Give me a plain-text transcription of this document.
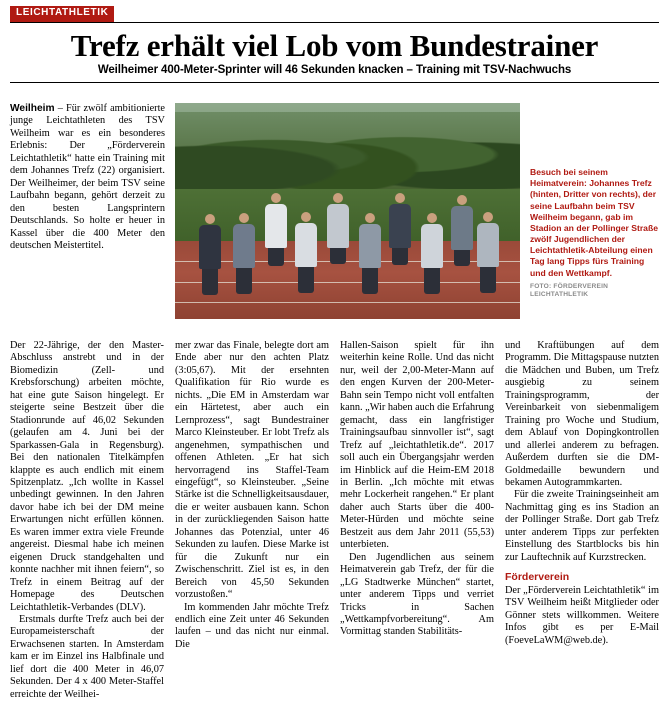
LEICHTATHLETIK
Trefz erhält viel Lob vom Bundestrainer
Weilheimer 400-Meter-Sprinter will 46 Sekunden knacken – Training mit TSV-Nachwuchs

Weilheim – Für zwölf ambitionierte junge Leichtathleten des TSV Weilheim war es ein besonderes Erlebnis: Der „Förderverein Leichtathletik“ hatte ein Training mit dem Johannes Trefz (22) organisiert. Der Weilheimer, der beim TSV seine Laufbahn begann, gehört derzeit zu den besten Langsprintern Deutschlands. So holte er heuer in Kassel über die 400 Meter den deutschen Meistertitel.

Besuch bei seinem Heimatverein: Johannes Trefz (hinten, Dritter von rechts), der seine Laufbahn beim TSV Weilheim begann, gab im Stadion an der Pollinger Straße zwölf Jugendlichen der Leichtathletik-Abteilung einen Tag lang Tipps fürs Training und den Wettkampf.
FOTO: FÖRDERVEREIN LEICHTATHLETIK

Der 22-Jährige, der den Master-Abschluss anstrebt und in der Biomedizin (Zell- und Krebsforschung) arbeiten möchte, hat eine gute Saison hingelegt. Er steigerte seine Bestzeit über die Stadionrunde auf 46,02 Sekunden (gelaufen am 4. Juni bei der Sparkassen-Gala in Regensburg). Bei den nationalen Titelkämpfen klappte es auch endlich mit einem Spitzenplatz. „Ich wollte in Kassel unbedingt gewinnen. In den Jahren davor habe ich bei der DM meine Erwartungen nicht erfüllen können. Es waren immer extra viele Freunde angereist. Diesmal habe ich meinen eigenen Druck standgehalten und konnte nachher mit ihnen feiern“, so Trefz in einem Beitrag auf der Homepage des Deutschen Leichtathletik-Verbandes (DLV).

Erstmals durfte Trefz auch bei der Europameisterschaft der Erwachsenen starten. In Amsterdam kam er im Einzel ins Halbfinale und lief dort die 400 Meter in 46,07 Sekunden. Der 4 x 400 Meter-Staffel erreichte der Weilhei-

mer zwar das Finale, belegte dort am Ende aber nur den achten Platz (3:05,67). Mit der ersehnten Qualifikation für Rio wurde es nichts. „Die EM in Amsterdam war ein Härtetest, aber auch ein Lernprozess“, sagt Bundestrainer Marco Kleinsteuber. Er lobt Trefz als angenehmen, sympathischen und offenen Athleten. „Er hat sich hervorragend ins Staffel-Team eingefügt“, so Kleinsteuber. „Seine Stärke ist die Schnelligkeitsausdauer, die er weiter ausbauen kann. Schon in der zurückliegenden Saison hatte Johannes das Potenzial, unter 46 Sekunden zu laufen. Diese Marke ist für die Zukunft nur ein Zwischenschritt. Ziel ist es, in den Bereich von 45,50 Sekunden vorzustoßen.“

Im kommenden Jahr möchte Trefz endlich eine Zeit unter 46 Sekunden laufen – und das nicht nur einmal. Die

Hallen-Saison spielt für ihn weiterhin keine Rolle. Und das nicht nur, weil der 2,00-Meter-Mann auf den engen Kurven der 200-Meter-Bahn sein Tempo nicht voll entfalten kann. „Wir haben auch die Erfahrung gemacht, dass ein langfristiger Trainingsaufbau sinnvoller ist“, sagt Trefz auf „leichtathletik.de“. 2017 soll auch ein Übergangsjahr werden im Hinblick auf die Heim-EM 2018 in Berlin. „Ich möchte mit etwas mehr Lockerheit rangehen.“ Er plant daher auch Starts über die 400-Meter-Hürden und möchte seine Bestzeit aus dem Jahr 2011 (55,53) unterbieten.

Den Jugendlichen aus seinem Heimatverein gab Trefz, der für die „LG Stadtwerke München“ startet, unter anderem Tipps und verriet Tricks in Sachen „Wettkampfvorbereitung“. Am Vormittag standen Stabilitäts-

und Kraftübungen auf dem Programm. Die Mittagspause nutzten die Mädchen und Buben, um Trefz ausgiebig zu seinem Trainingsprogramm, der Vereinbarkeit von siebenmaligem Training pro Woche und Studium, dem Ablauf von Dopingkontrollen und allerlei anderem zu befragen. Außerdem durften sie die DM-Goldmedaille bewundern und bekamen Autogrammkarten.

Für die zweite Trainingseinheit am Nachmittag ging es ins Stadion an der Pollinger Straße. Dort gab Trefz unter anderem Tipps zur perfekten Einstellung des Startblocks bis hin zur Lauftechnik auf Kurzstrecken.

Förderverein

Der „Förderverein Leichtathletik“ im TSV Weilheim heißt Mitglieder oder Gönner stets willkommen. Weitere Infos gibt es per E-Mail (FoeveLaWM@web.de).
